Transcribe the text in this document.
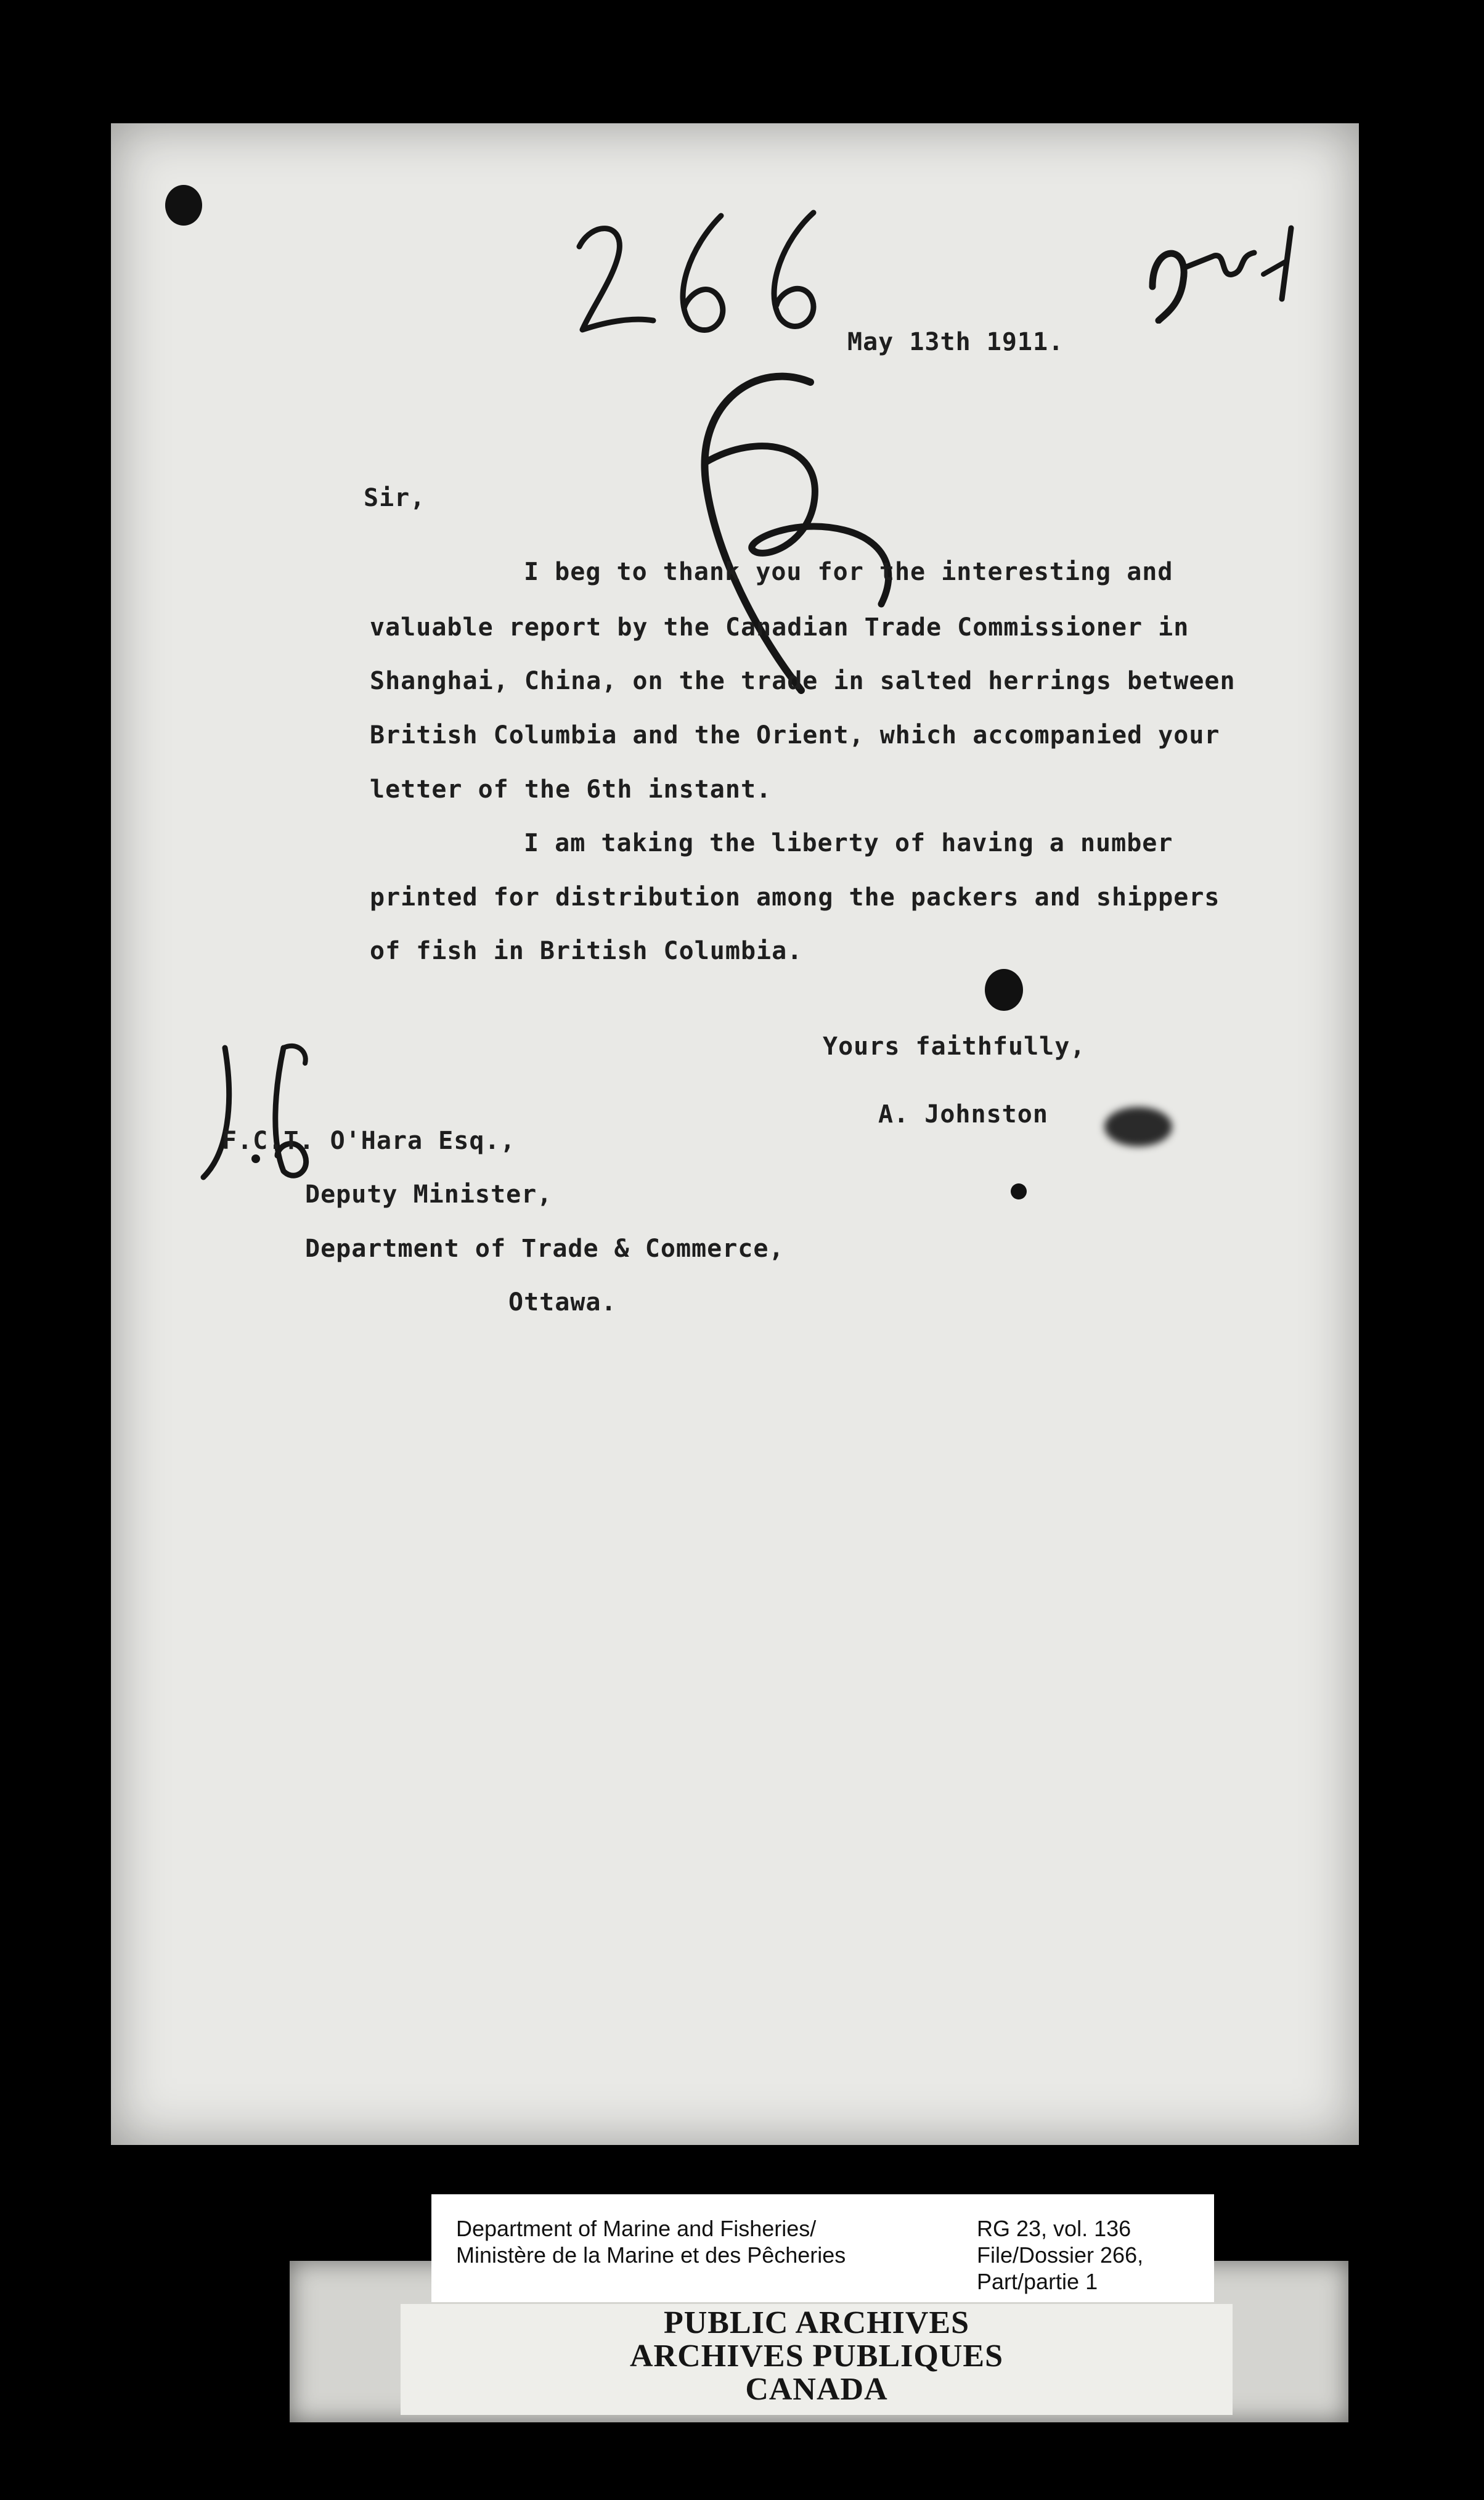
May 13th 1911.
Sir,
I beg to thank you for the interesting and
valuable report by the Canadian Trade Commissioner in
Shanghai, China, on the trade in salted herrings between
British Columbia and the Orient, which accompanied your
letter of the 6th instant.
I am taking the liberty of having a number
printed for distribution among the packers and shippers
of fish in British Columbia.
Yours faithfully,
A. Johnston
F.C.T. O'Hara Esq.,
Deputy Minister,
Department of Trade & Commerce,
Ottawa.
PUBLIC ARCHIVES
ARCHIVES PUBLIQUES
CANADA
Department of Marine and Fisheries/
Ministère de la Marine et des Pêcheries
RG 23, vol. 136
File/Dossier 266,
Part/partie 1
